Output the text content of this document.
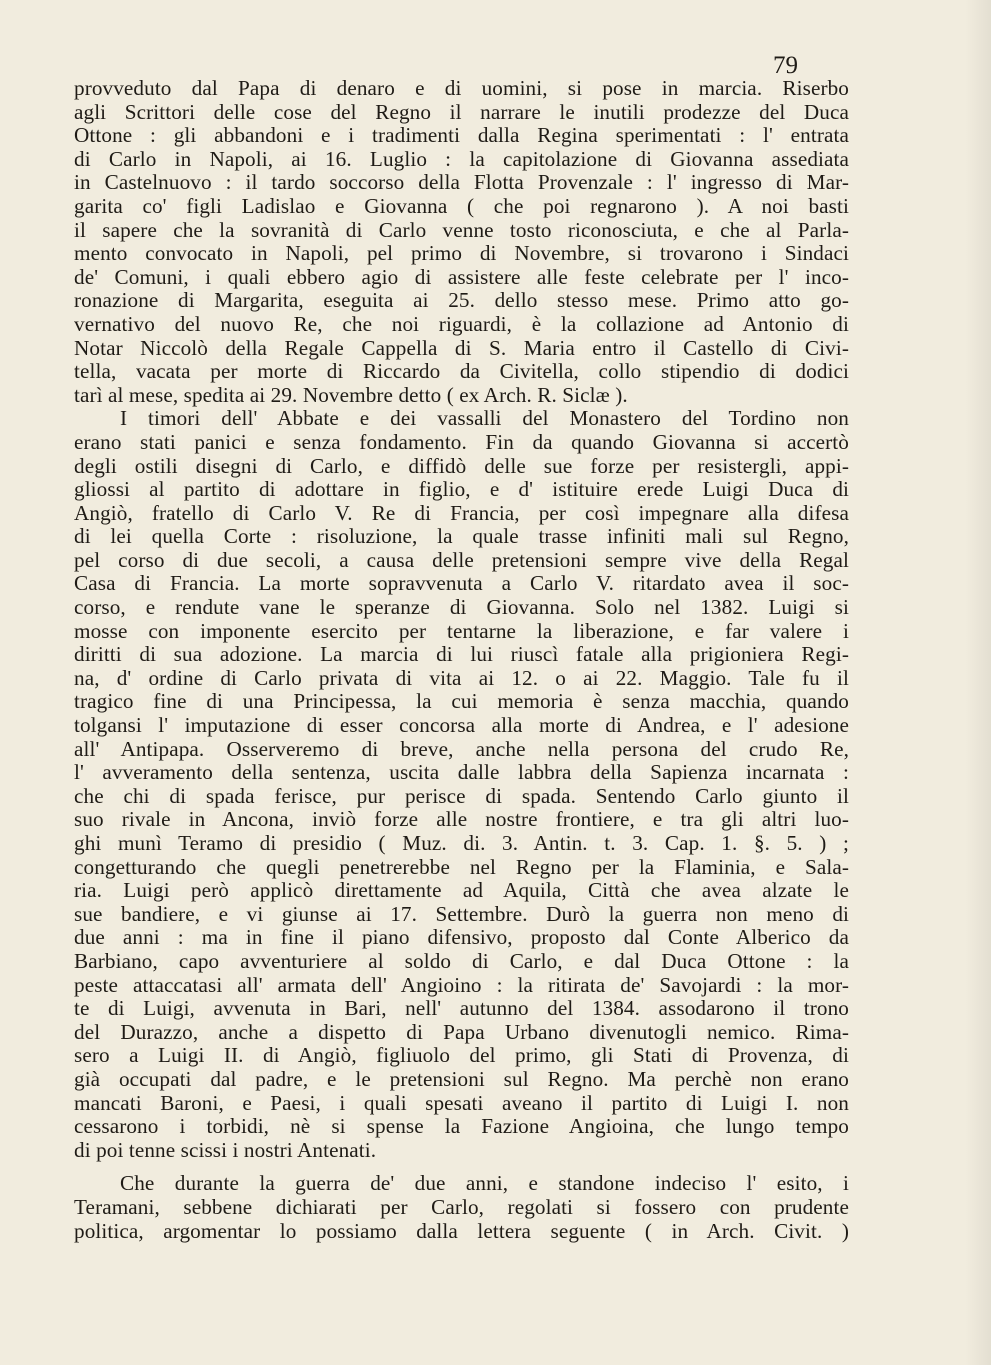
79
provveduto dal Papa di denaro e di uomini, si pose in marcia. Riserbo
agli Scrittori delle cose del Regno il narrare le inutili prodezze del Duca
Ottone : gli abbandoni e i tradimenti dalla Regina sperimentati : l' entrata
di Carlo in Napoli, ai 16. Luglio : la capitolazione di Giovanna assediata
in Castelnuovo : il tardo soccorso della Flotta Provenzale : l' ingresso di Mar-
garita co' figli Ladislao e Giovanna ( che poi regnarono ). A noi basti
il sapere che la sovranità di Carlo venne tosto riconosciuta, e che al Parla-
mento convocato in Napoli, pel primo di Novembre, si trovarono i Sindaci
de' Comuni, i quali ebbero agio di assistere alle feste celebrate per l' inco-
ronazione di Margarita, eseguita ai 25. dello stesso mese. Primo atto go-
vernativo del nuovo Re, che noi riguardi, è la collazione ad Antonio di
Notar Niccolò della Regale Cappella di S. Maria entro il Castello di Civi-
tella, vacata per morte di Riccardo da Civitella, collo stipendio di dodici
tarì al mese, spedita ai 29. Novembre detto ( ex Arch. R. Siclæ ).
I timori dell' Abbate e dei vassalli del Monastero del Tordino non
erano stati panici e senza fondamento. Fin da quando Giovanna si accertò
degli ostili disegni di Carlo, e diffidò delle sue forze per resistergli, appi-
gliossi al partito di adottare in figlio, e d' istituire erede Luigi Duca di
Angiò, fratello di Carlo V. Re di Francia, per così impegnare alla difesa
di lei quella Corte : risoluzione, la quale trasse infiniti mali sul Regno,
pel corso di due secoli, a causa delle pretensioni sempre vive della Regal
Casa di Francia. La morte sopravvenuta a Carlo V. ritardato avea il soc-
corso, e rendute vane le speranze di Giovanna. Solo nel 1382. Luigi si
mosse con imponente esercito per tentarne la liberazione, e far valere i
diritti di sua adozione. La marcia di lui riuscì fatale alla prigioniera Regi-
na, d' ordine di Carlo privata di vita ai 12. o ai 22. Maggio. Tale fu il
tragico fine di una Principessa, la cui memoria è senza macchia, quando
tolgansi l' imputazione di esser concorsa alla morte di Andrea, e l' adesione
all' Antipapa. Osserveremo di breve, anche nella persona del crudo Re,
l' avveramento della sentenza, uscita dalle labbra della Sapienza incarnata :
che chi di spada ferisce, pur perisce di spada. Sentendo Carlo giunto il
suo rivale in Ancona, inviò forze alle nostre frontiere, e tra gli altri luo-
ghi munì Teramo di presidio ( Muz. di. 3. Antin. t. 3. Cap. 1. §. 5. ) ;
congetturando che quegli penetrerebbe nel Regno per la Flaminia, e Sala-
ria. Luigi però applicò direttamente ad Aquila, Città che avea alzate le
sue bandiere, e vi giunse ai 17. Settembre. Durò la guerra non meno di
due anni : ma in fine il piano difensivo, proposto dal Conte Alberico da
Barbiano, capo avventuriere al soldo di Carlo, e dal Duca Ottone : la
peste attaccatasi all' armata dell' Angioino : la ritirata de' Savojardi : la mor-
te di Luigi, avvenuta in Bari, nell' autunno del 1384. assodarono il trono
del Durazzo, anche a dispetto di Papa Urbano divenutogli nemico. Rima-
sero a Luigi II. di Angiò, figliuolo del primo, gli Stati di Provenza, di
già occupati dal padre, e le pretensioni sul Regno. Ma perchè non erano
mancati Baroni, e Paesi, i quali spesati aveano il partito di Luigi I. non
cessarono i torbidi, nè si spense la Fazione Angioina, che lungo tempo
di poi tenne scissi i nostri Antenati.
Che durante la guerra de' due anni, e standone indeciso l' esito, i
Teramani, sebbene dichiarati per Carlo, regolati si fossero con prudente
politica, argomentar lo possiamo dalla lettera seguente ( in Arch. Civit. )
